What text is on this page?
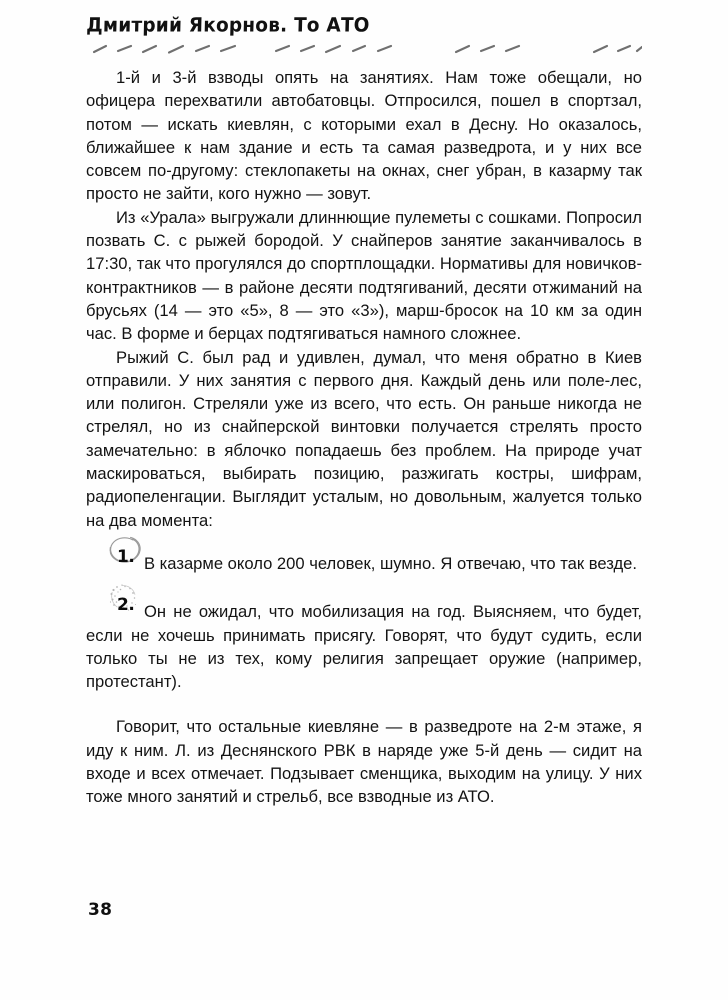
Дмитрий Якорнов. То АТО

1-й и 3-й взводы опять на занятиях. Нам тоже обещали, но офицера перехватили автобатовцы. Отпросился, пошел в спортзал, потом — искать киевлян, с которыми ехал в Десну. Но оказалось, ближайшее к нам здание и есть та самая разведрота, и у них все совсем по-другому: стеклопакеты на окнах, снег убран, в казарму так просто не зайти, кого нужно — зовут.

Из «Урала» выгружали длиннющие пулеметы с сошками. Попросил позвать С. с рыжей бородой. У снайперов занятие заканчивалось в 17:30, так что прогулялся до спортплощадки. Нормативы для новичков-контрактников — в районе десяти подтягиваний, десяти отжиманий на брусьях (14 — это «5», 8 — это «3»), марш-бросок на 10 км за один час. В форме и берцах подтягиваться намного сложнее.

Рыжий С. был рад и удивлен, думал, что меня обратно в Киев отправили. У них занятия с первого дня. Каждый день или поле-лес, или полигон. Стреляли уже из всего, что есть. Он раньше никогда не стрелял, но из снайперской винтовки получается стрелять просто замечательно: в яблочко попадаешь без проблем. На природе учат маскироваться, выбирать позицию, разжигать костры, шифрам, радиопеленгации. Выглядит усталым, но довольным, жалуется только на два момента:

1. В казарме около 200 человек, шумно. Я отвечаю, что так везде.
2. Он не ожидал, что мобилизация на год. Выясняем, что будет, если не хочешь принимать присягу. Говорят, что будут судить, если только ты не из тех, кому религия запрещает оружие (например, протестант).

Говорит, что остальные киевляне — в разведроте на 2-м этаже, я иду к ним. Л. из Деснянского РВК в наряде уже 5-й день — сидит на входе и всех отмечает. Подзывает сменщика, выходим на улицу. У них тоже много занятий и стрельб, все взводные из АТО.

38
